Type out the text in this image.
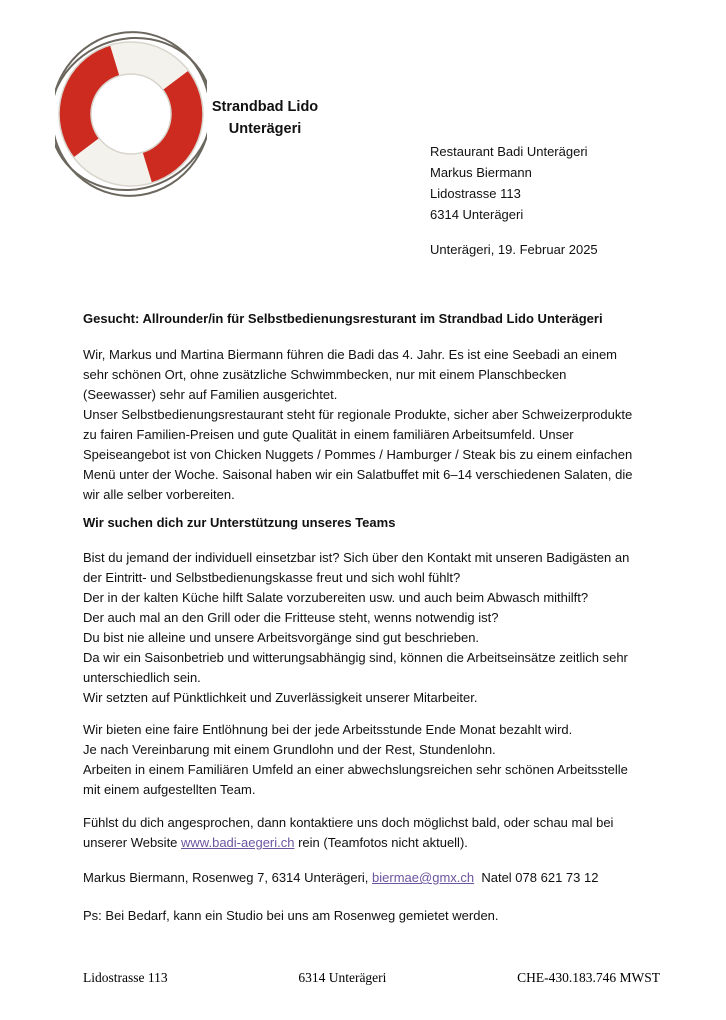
Strandbad Lido
Unterägeri
Restaurant Badi Unterägeri
Markus Biermann
Lidostrasse 113
6314 Unterägeri
Unterägeri, 19. Februar 2025
Gesucht: Allrounder/in für Selbstbedienungsresturant im Strandbad Lido Unterägeri
Wir, Markus und Martina Biermann führen die Badi das 4. Jahr. Es ist eine Seebadi an einem
sehr schönen Ort, ohne zusätzliche Schwimmbecken, nur mit einem Planschbecken
(Seewasser) sehr auf Familien ausgerichtet.
Unser Selbstbedienungsrestaurant steht für regionale Produkte, sicher aber Schweizerprodukte
zu fairen Familien-Preisen und gute Qualität in einem familiären Arbeitsumfeld. Unser
Speiseangebot ist von Chicken Nuggets / Pommes / Hamburger / Steak bis zu einem einfachen
Menü unter der Woche. Saisonal haben wir ein Salatbuffet mit 6–14 verschiedenen Salaten, die
wir alle selber vorbereiten.
Wir suchen dich zur Unterstützung unseres Teams
Bist du jemand der individuell einsetzbar ist? Sich über den Kontakt mit unseren Badigästen an
der Eintritt- und Selbstbedienungskasse freut und sich wohl fühlt?
Der in der kalten Küche hilft Salate vorzubereiten usw. und auch beim Abwasch mithilft?
Der auch mal an den Grill oder die Fritteuse steht, wenns notwendig ist?
Du bist nie alleine und unsere Arbeitsvorgänge sind gut beschrieben.
Da wir ein Saisonbetrieb und witterungsabhängig sind, können die Arbeitseinsätze zeitlich sehr
unterschiedlich sein.
Wir setzten auf Pünktlichkeit und Zuverlässigkeit unserer Mitarbeiter.
Wir bieten eine faire Entlöhnung bei der jede Arbeitsstunde Ende Monat bezahlt wird.
Je nach Vereinbarung mit einem Grundlohn und der Rest, Stundenlohn.
Arbeiten in einem Familiären Umfeld an einer abwechslungsreichen sehr schönen Arbeitsstelle
mit einem aufgestellten Team.
Fühlst du dich angesprochen, dann kontaktiere uns doch möglichst bald, oder schau mal bei
unserer Website www.badi-aegeri.ch rein (Teamfotos nicht aktuell).
Markus Biermann, Rosenweg 7, 6314 Unterägeri, biermae@gmx.ch  Natel 078 621 73 12
Ps: Bei Bedarf, kann ein Studio bei uns am Rosenweg gemietet werden.
Lidostrasse 113	6314 Unterägeri	CHE-430.183.746 MWST
